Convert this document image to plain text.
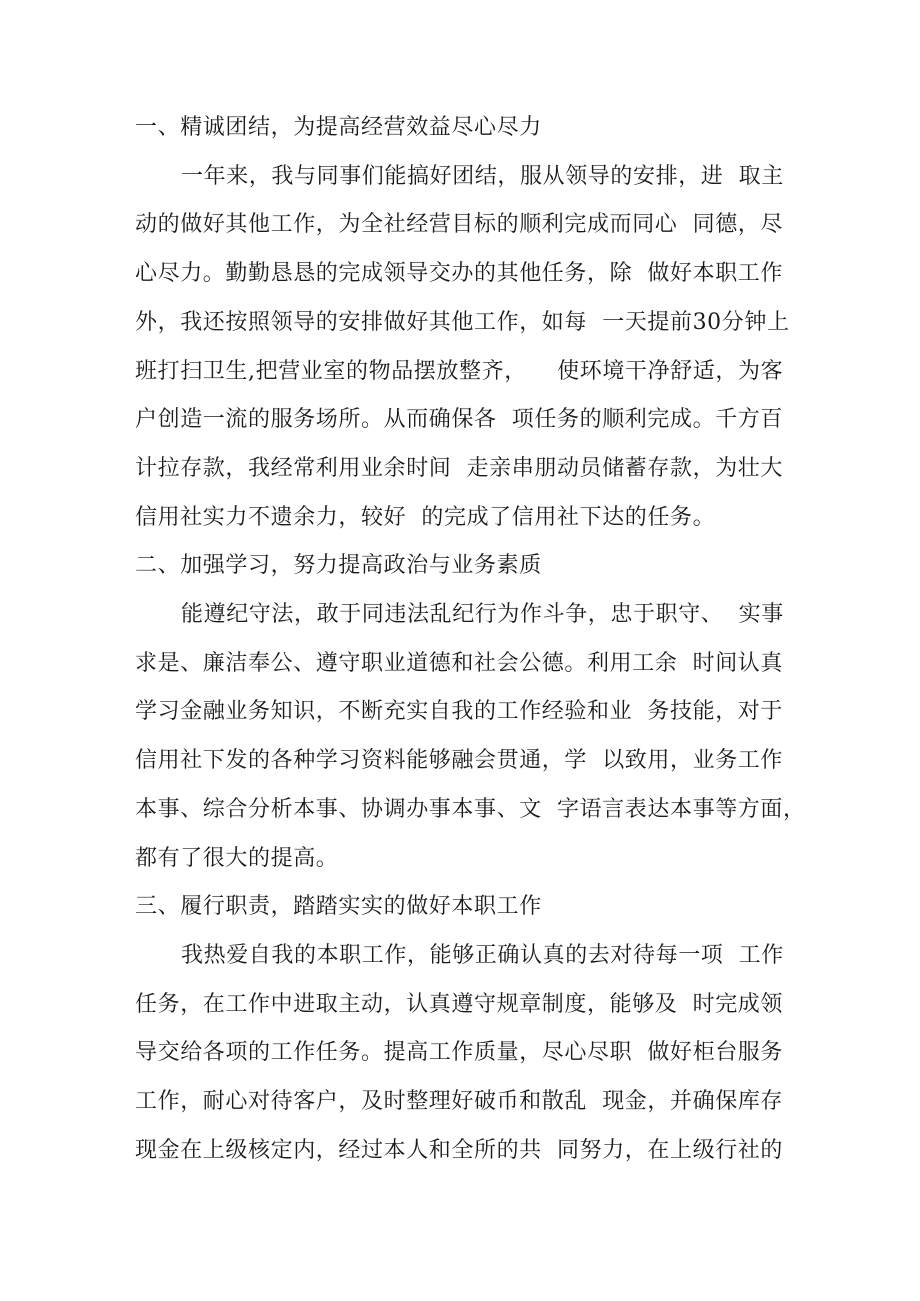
一、精诚团结，为提高经营效益尽心尽力
一年来，我与同事们能搞好团结，服从领导的安排，进  取主
动的做好其他工作，为全社经营目标的顺利完成而同心  同德，尽
心尽力。勤勤恳恳的完成领导交办的其他任务，除  做好本职工作
外，我还按照领导的安排做好其他工作，如每  一天提前30分钟上
班打扫卫生,把营业室的物品摆放整齐，    使环境干净舒适，为客
户创造一流的服务场所。从而确保各  项任务的顺利完成。千方百
计拉存款，我经常利用业余时间  走亲串朋动员储蓄存款，为壮大
信用社实力不遗余力，较好  的完成了信用社下达的任务。
二、加强学习，努力提高政治与业务素质
能遵纪守法，敢于同违法乱纪行为作斗争，忠于职守、  实事
求是、廉洁奉公、遵守职业道德和社会公德。利用工余  时间认真
学习金融业务知识，不断充实自我的工作经验和业  务技能，对于
信用社下发的各种学习资料能够融会贯通，学  以致用，业务工作
本事、综合分析本事、协调办事本事、文  字语言表达本事等方面，
都有了很大的提高。
三、履行职责，踏踏实实的做好本职工作
我热爱自我的本职工作，能够正确认真的去对待每一项  工作
任务，在工作中进取主动，认真遵守规章制度，能够及  时完成领
导交给各项的工作任务。提高工作质量，尽心尽职  做好柜台服务
工作，耐心对待客户，及时整理好破币和散乱  现金，并确保库存
现金在上级核定内，经过本人和全所的共  同努力，在上级行社的
